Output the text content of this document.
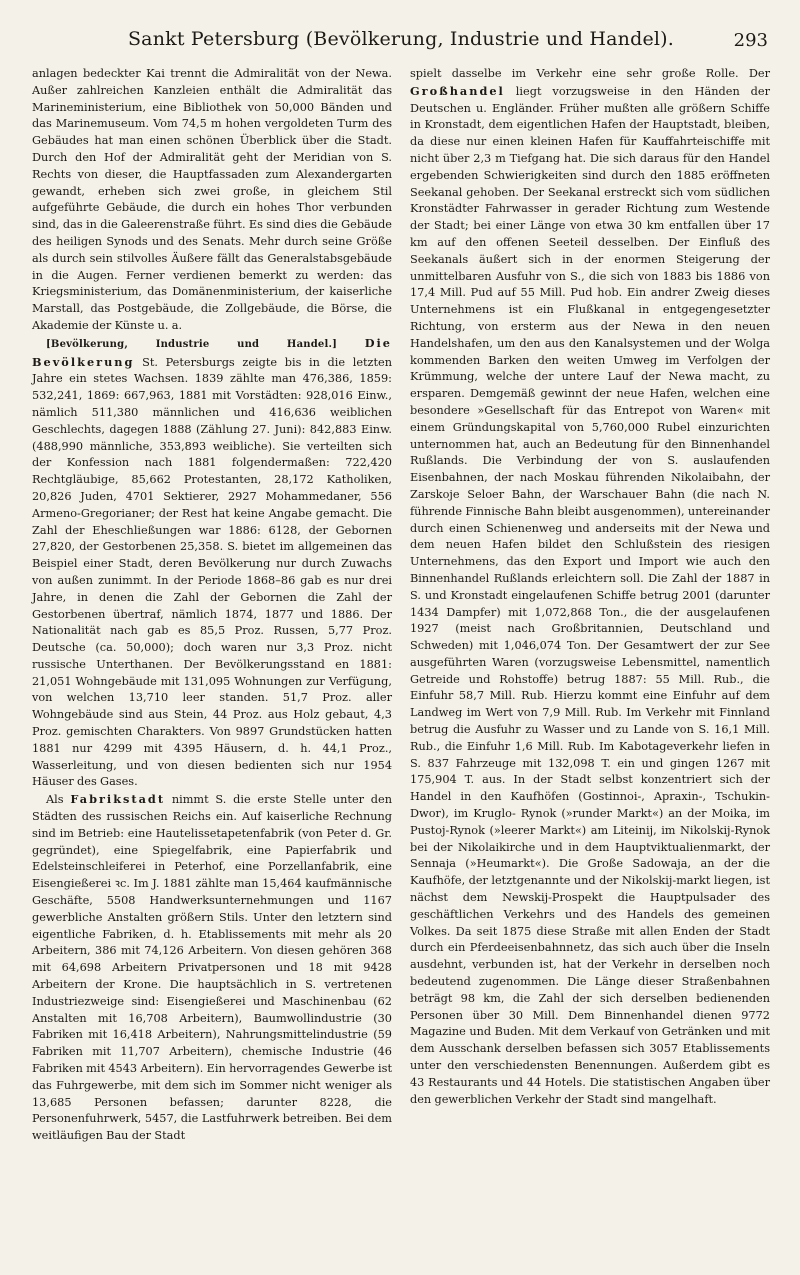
Sankt Petersburg (Bevölkerung, Industrie und Handel).	293

anlagen bedeckter Kai trennt die Admiralität von der Newa. Außer zahlreichen Kanzleien enthält die Admiralität das Marineministerium, eine Bibliothek von 50,000 Bänden und das Marinemuseum. Vom 74,5 m hohen vergoldeten Turm des Gebäudes hat man einen schönen Überblick über die Stadt. Durch den Hof der Admiralität geht der Meridian von S. Rechts von dieser, die Hauptfassaden zum Alexandergarten gewandt, erheben sich zwei große, in gleichem Stil aufgeführte Gebäude, die durch ein hohes Thor verbunden sind, das in die Galeerenstraße führt. Es sind dies die Gebäude des heiligen Synods und des Senats. Mehr durch seine Größe als durch sein stilvolles Äußere fällt das Generalstabsgebäude in die Augen. Ferner verdienen bemerkt zu werden: das Kriegsministerium, das Domänenministerium, der kaiserliche Marstall, das Postgebäude, die Zollgebäude, die Börse, die Akademie der Künste u. a.

[Bevölkerung, Industrie und Handel.] Die Bevölkerung St. Petersburgs zeigte bis in die letzten Jahre ein stetes Wachsen. 1839 zählte man 476,386, 1859: 532,241, 1869: 667,963, 1881 mit Vorstädten: 928,016 Einw., nämlich 511,380 männlichen und 416,636 weiblichen Geschlechts, dagegen 1888 (Zählung 27. Juni): 842,883 Einw. (488,990 männliche, 353,893 weibliche). Sie verteilten sich der Konfession nach 1881 folgendermaßen: 722,420 Rechtgläubige, 85,662 Protestanten, 28,172 Katholiken, 20,826 Juden, 4701 Sektierer, 2927 Mohammedaner, 556 Armeno-Gregorianer; der Rest hat keine Angabe gemacht. Die Zahl der Eheschließungen war 1886: 6128, der Gebornen 27,820, der Gestorbenen 25,358. S. bietet im allgemeinen das Beispiel einer Stadt, deren Bevölkerung nur durch Zuwachs von außen zunimmt. In der Periode 1868–86 gab es nur drei Jahre, in denen die Zahl der Gebornen die Zahl der Gestorbenen übertraf, nämlich 1874, 1877 und 1886. Der Nationalität nach gab es 85,5 Proz. Russen, 5,77 Proz. Deutsche (ca. 50,000); doch waren nur 3,3 Proz. nicht russische Unterthanen. Der Bevölkerungsstand en 1881: 21,051 Wohngebäude mit 131,095 Wohnungen zur Verfügung, von welchen 13,710 leer standen. 51,7 Proz. aller Wohngebäude sind aus Stein, 44 Proz. aus Holz gebaut, 4,3 Proz. gemischten Charakters. Von 9897 Grundstücken hatten 1881 nur 4299 mit 4395 Häusern, d. h. 44,1 Proz., Wasserleitung, und von diesen bedienten sich nur 1954 Häuser des Gases.

Als Fabrikstadt nimmt S. die erste Stelle unter den Städten des russischen Reichs ein. Auf kaiserliche Rechnung sind im Betrieb: eine Hautelissetapetenfabrik (von Peter d. Gr. gegründet), eine Spiegelfabrik, eine Papierfabrik und Edelsteinschleiferei in Peterhof, eine Porzellanfabrik, eine Eisengießerei ꝛc. Im J. 1881 zählte man 15,464 kaufmännische Geschäfte, 5508 Handwerksunternehmungen und 1167 gewerbliche Anstalten größern Stils. Unter den letztern sind eigentliche Fabriken, d. h. Etablissements mit mehr als 20 Arbeitern, 386 mit 74,126 Arbeitern. Von diesen gehören 368 mit 64,698 Arbeitern Privatpersonen und 18 mit 9428 Arbeitern der Krone. Die hauptsächlich in S. vertretenen Industriezweige sind: Eisengießerei und Maschinenbau (62 Anstalten mit 16,708 Arbeitern), Baumwollindustrie (30 Fabriken mit 16,418 Arbeitern), Nahrungsmittelindustrie (59 Fabriken mit 11,707 Arbeitern), chemische Industrie (46 Fabriken mit 4543 Arbeitern). Ein hervorragendes Gewerbe ist das Fuhrgewerbe, mit dem sich im Sommer nicht weniger als 13,685 Personen befassen; darunter 8228, die Personenfuhrwerk, 5457, die Lastfuhrwerk betreiben. Bei dem weitläufigen Bau der Stadt

spielt dasselbe im Verkehr eine sehr große Rolle. Der Großhandel liegt vorzugsweise in den Händen der Deutschen u. Engländer. Früher mußten alle größern Schiffe in Kronstadt, dem eigentlichen Hafen der Hauptstadt, bleiben, da diese nur einen kleinen Hafen für Kauffahrteischiffe mit nicht über 2,3 m Tiefgang hat. Die sich daraus für den Handel ergebenden Schwierigkeiten sind durch den 1885 eröffneten Seekanal gehoben. Der Seekanal erstreckt sich vom südlichen Kronstädter Fahrwasser in gerader Richtung zum Westende der Stadt; bei einer Länge von etwa 30 km entfallen über 17 km auf den offenen Seeteil desselben. Der Einfluß des Seekanals äußert sich in der enormen Steigerung der unmittelbaren Ausfuhr von S., die sich von 1883 bis 1886 von 17,4 Mill. Pud auf 55 Mill. Pud hob. Ein andrer Zweig dieses Unternehmens ist ein Flußkanal in entgegengesetzter Richtung, von ersterm aus der Newa in den neuen Handelshafen, um den aus den Kanalsystemen und der Wolga kommenden Barken den weiten Umweg im Verfolgen der Krümmung, welche der untere Lauf der Newa macht, zu ersparen. Demgemäß gewinnt der neue Hafen, welchen eine besondere »Gesellschaft für das Entrepot von Waren« mit einem Gründungskapital von 5,760,000 Rubel einzurichten unternommen hat, auch an Bedeutung für den Binnenhandel Rußlands. Die Verbindung der von S. auslaufenden Eisenbahnen, der nach Moskau führenden Nikolaibahn, der Zarskoje Seloer Bahn, der Warschauer Bahn (die nach N. führende Finnische Bahn bleibt ausgenommen), untereinander durch einen Schienenweg und anderseits mit der Newa und dem neuen Hafen bildet den Schlußstein des riesigen Unternehmens, das den Export und Import wie auch den Binnenhandel Rußlands erleichtern soll. Die Zahl der 1887 in S. und Kronstadt eingelaufenen Schiffe betrug 2001 (darunter 1434 Dampfer) mit 1,072,868 Ton., die der ausgelaufenen 1927 (meist nach Großbritannien, Deutschland und Schweden) mit 1,046,074 Ton. Der Gesamtwert der zur See ausgeführten Waren (vorzugsweise Lebensmittel, namentlich Getreide und Rohstoffe) betrug 1887: 55 Mill. Rub., die Einfuhr 58,7 Mill. Rub. Hierzu kommt eine Einfuhr auf dem Landweg im Wert von 7,9 Mill. Rub. Im Verkehr mit Finnland betrug die Ausfuhr zu Wasser und zu Lande von S. 16,1 Mill. Rub., die Einfuhr 1,6 Mill. Rub. Im Kabotageverkehr liefen in S. 837 Fahrzeuge mit 132,098 T. ein und gingen 1267 mit 175,904 T. aus. In der Stadt selbst konzentriert sich der Handel in den Kaufhöfen (Gostinnoi-, Apraxin-, Tschukin-Dwor), im Kruglo- Rynok (»runder Markt«) an der Moika, im Pustoj-Rynok (»leerer Markt«) am Liteinij, im Nikolskij-Rynok bei der Nikolaikirche und in dem Hauptviktualienmarkt, der Sennaja (»Heumarkt«). Die Große Sadowaja, an der die Kaufhöfe, der letztgenannte und der Nikolskij-markt liegen, ist nächst dem Newskij-Prospekt die Hauptpulsader des geschäftlichen Verkehrs und des Handels des gemeinen Volkes. Da seit 1875 diese Straße mit allen Enden der Stadt durch ein Pferdeeisenbahnnetz, das sich auch über die Inseln ausdehnt, verbunden ist, hat der Verkehr in derselben noch bedeutend zugenommen. Die Länge dieser Straßenbahnen beträgt 98 km, die Zahl der sich derselben bedienenden Personen über 30 Mill. Dem Binnenhandel dienen 9772 Magazine und Buden. Mit dem Verkauf von Getränken und mit dem Ausschank derselben befassen sich 3057 Etablissements unter den verschiedensten Benennungen. Außerdem gibt es 43 Restaurants und 44 Hotels. Die statistischen Angaben über den gewerblichen Verkehr der Stadt sind mangelhaft.
